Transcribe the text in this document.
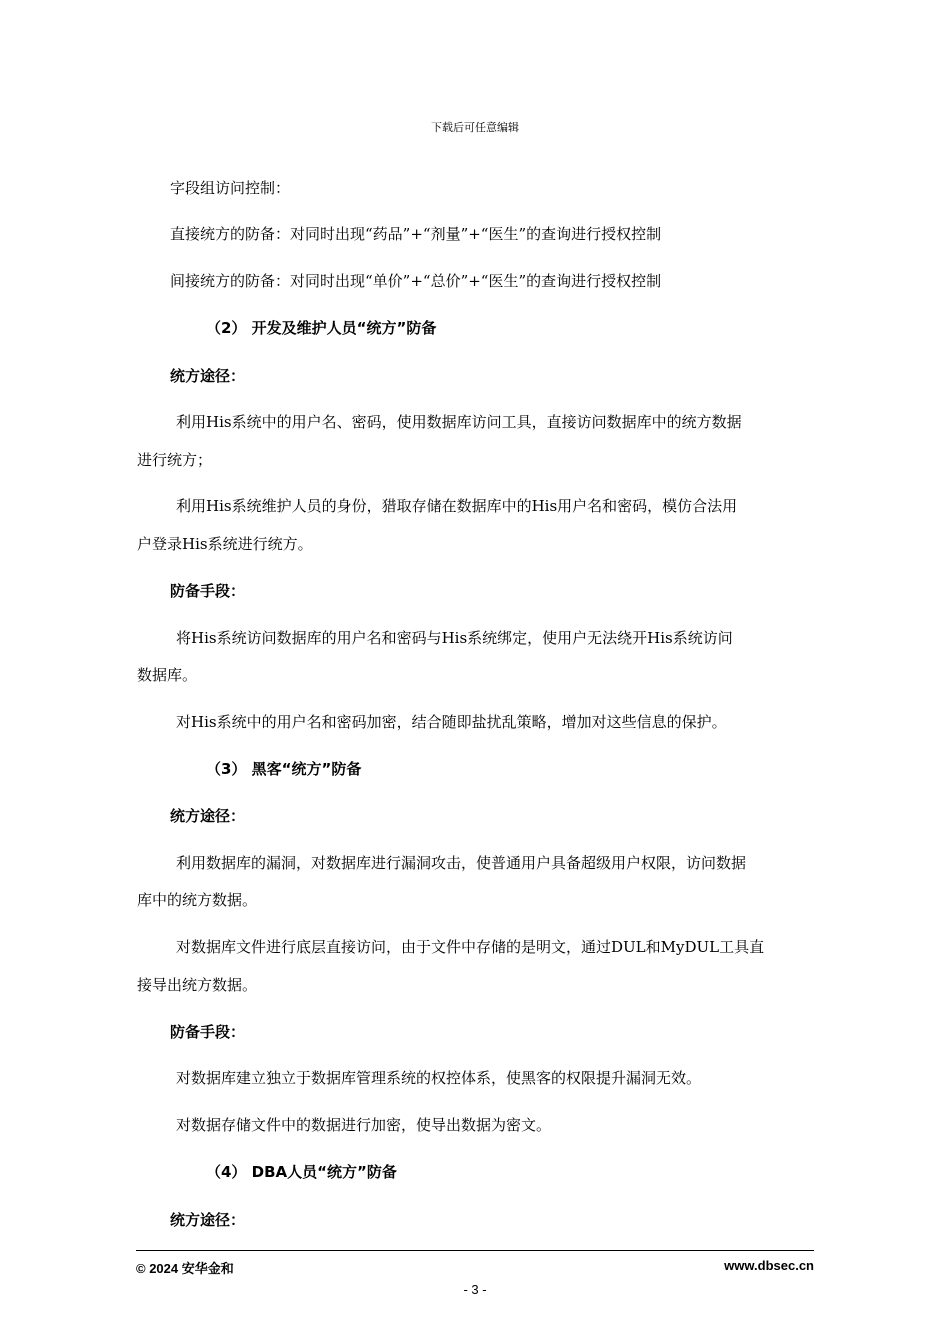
下载后可任意编辑
字段组访问控制：
直接统方的防备：对同时出现“药品”+“剂量”+“医生”的查询进行授权控制
间接统方的防备：对同时出现“单价”+“总价”+“医生”的查询进行授权控制
（2） 开发及维护人员“统方”防备
统方途径：
利用His系统中的用户名、密码，使用数据库访问工具，直接访问数据库中的统方数据
进行统方；
利用His系统维护人员的身份，猎取存储在数据库中的His用户名和密码，模仿合法用
户登录His系统进行统方。
防备手段：
将His系统访问数据库的用户名和密码与His系统绑定，使用户无法绕开His系统访问
数据库。
对His系统中的用户名和密码加密，结合随即盐扰乱策略，增加对这些信息的保护。
（3） 黑客“统方”防备
统方途径：
利用数据库的漏洞，对数据库进行漏洞攻击，使普通用户具备超级用户权限，访问数据
库中的统方数据。
对数据库文件进行底层直接访问，由于文件中存储的是明文，通过DUL和MyDUL工具直
接导出统方数据。
防备手段：
对数据库建立独立于数据库管理系统的权控体系，使黑客的权限提升漏洞无效。
对数据存储文件中的数据进行加密，使导出数据为密文。
（4） DBA人员“统方”防备
统方途径：
© 2024 安华金和	www.dbsec.cn
- 3 -
